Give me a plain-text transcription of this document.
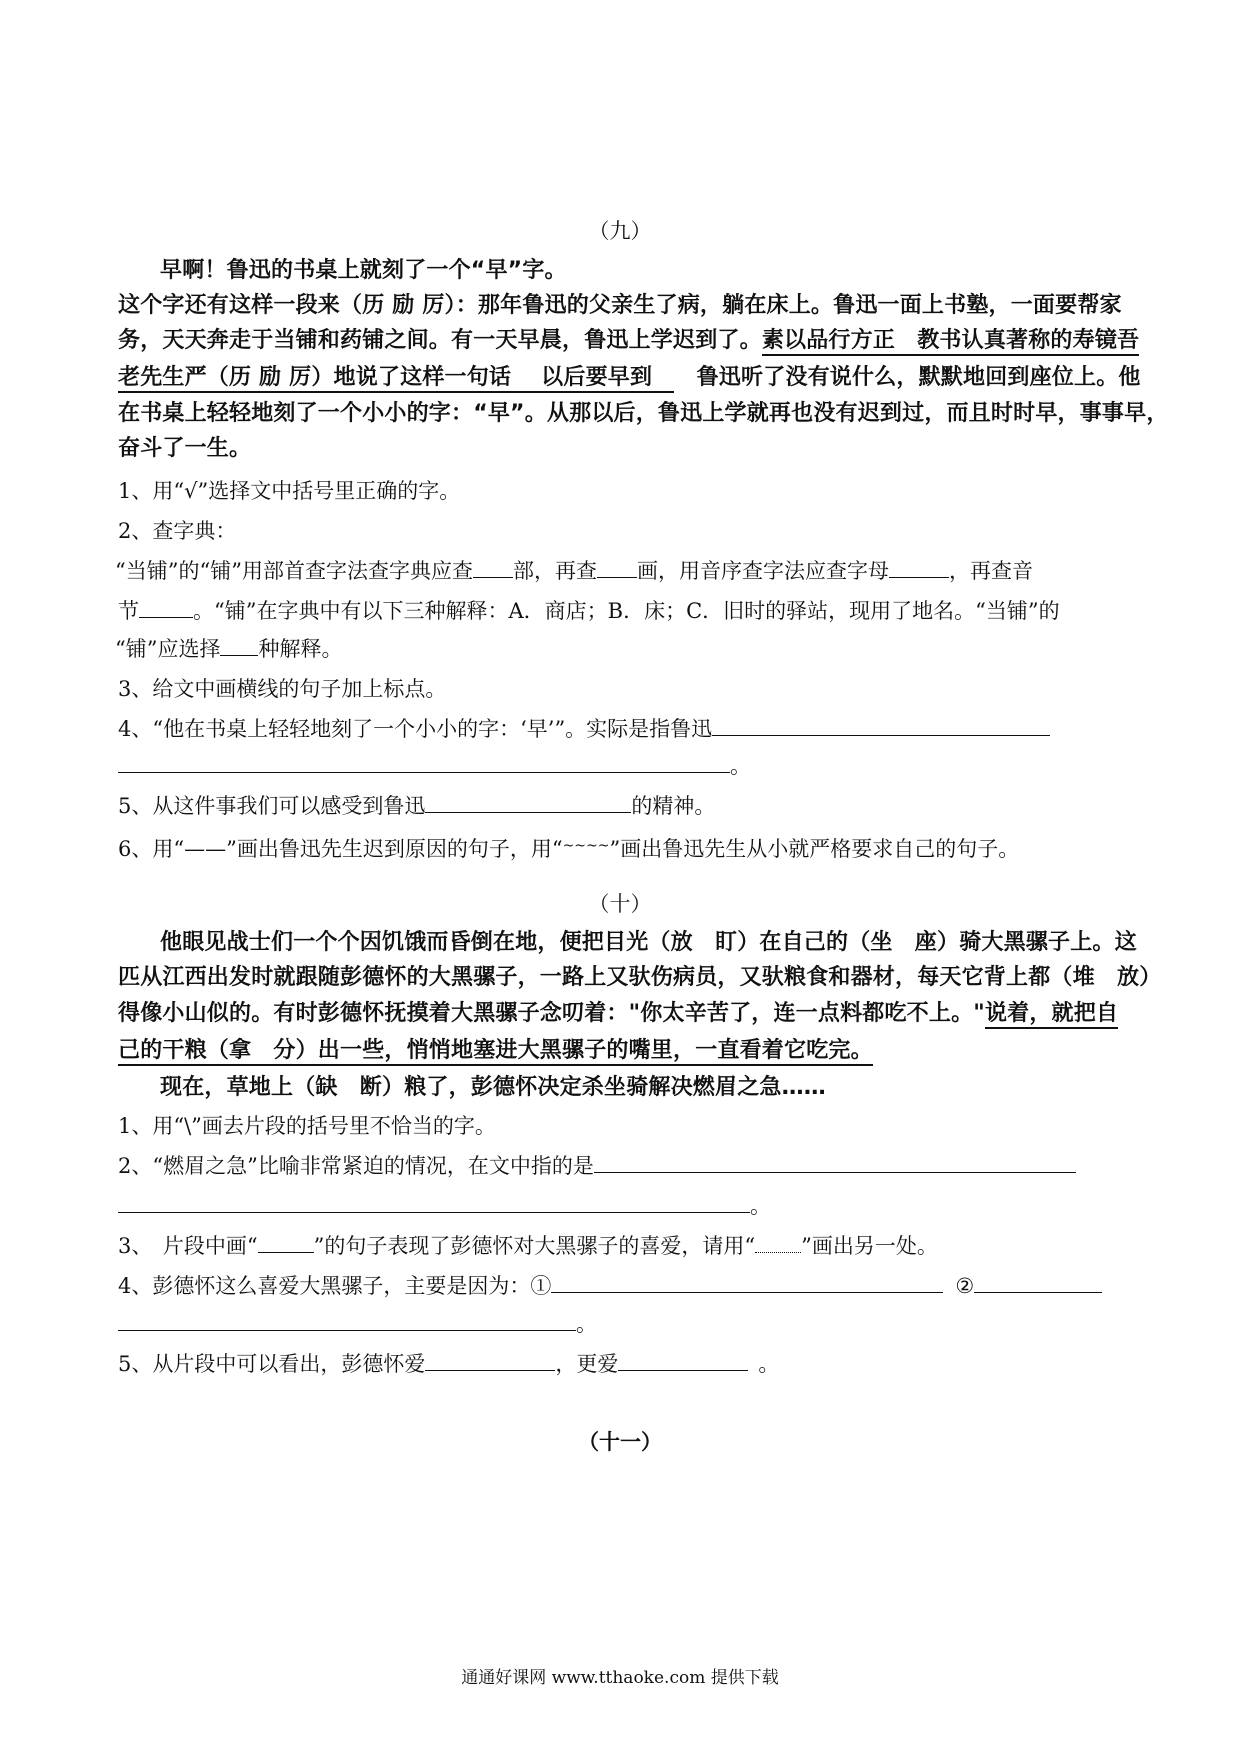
（九）
早啊！鲁迅的书桌上就刻了一个“早”字。
这个字还有这样一段来（历 励 厉）：那年鲁迅的父亲生了病，躺在床上。鲁迅一面上书塾，一面要帮家
务，天天奔走于当铺和药铺之间。有一天早晨，鲁迅上学迟到了。素以品行方正　教书认真著称的寿镜吾
老先生严（历 励 厉）地说了这样一句话　 以后要早到　　鲁迅听了没有说什么，默默地回到座位上。他
在书桌上轻轻地刻了一个小小的字：“早”。从那以后，鲁迅上学就再也没有迟到过，而且时时早，事事早，
奋斗了一生。
1、用“√”选择文中括号里正确的字。
2、查字典：
“当铺”的“铺”用部首查字法查字典应查 部，再查 画，用音序查字法应查字母	，再查音
节	。“铺”在字典中有以下三种解释：A．商店；B．床；C．旧时的驿站，现用了地名。“当铺”的
“铺”应选择 种解释。
3、给文中画横线的句子加上标点。
4、“他在书桌上轻轻地刻了一个小小的字：‘早’”。实际是指鲁迅
。
5、从这件事我们可以感受到鲁迅	的精神。
6、用“——”画出鲁迅先生迟到原因的句子，用“~~~~”画出鲁迅先生从小就严格要求自己的句子。
（十）
他眼见战士们一个个因饥饿而昏倒在地，便把目光（放　盯）在自己的（坐　座）骑大黑骡子上。这
匹从江西出发时就跟随彭德怀的大黑骡子，一路上又驮伤病员，又驮粮食和器材，每天它背上都（堆　放）
得像小山似的。有时彭德怀抚摸着大黑骡子念叨着："你太辛苦了，连一点料都吃不上。"说着，就把自
己的干粮（拿　分）出一些，悄悄地塞进大黑骡子的嘴里，一直看着它吃完。
现在，草地上（缺　断）粮了，彭德怀决定杀坐骑解决燃眉之急……
1、用“\”画去片段的括号里不恰当的字。
2、“燃眉之急”比喻非常紧迫的情况，在文中指的是
。
3、　片段中画“	”的句子表现了彭德怀对大黑骡子的喜爱，请用“ ”画出另一处。
4、彭德怀这么喜爱大黑骡子，主要是因为：①	②
。
5、从片段中可以看出，彭德怀爱	，更爱	。
（十一）
通通好课网 www.tthaoke.com 提供下载
